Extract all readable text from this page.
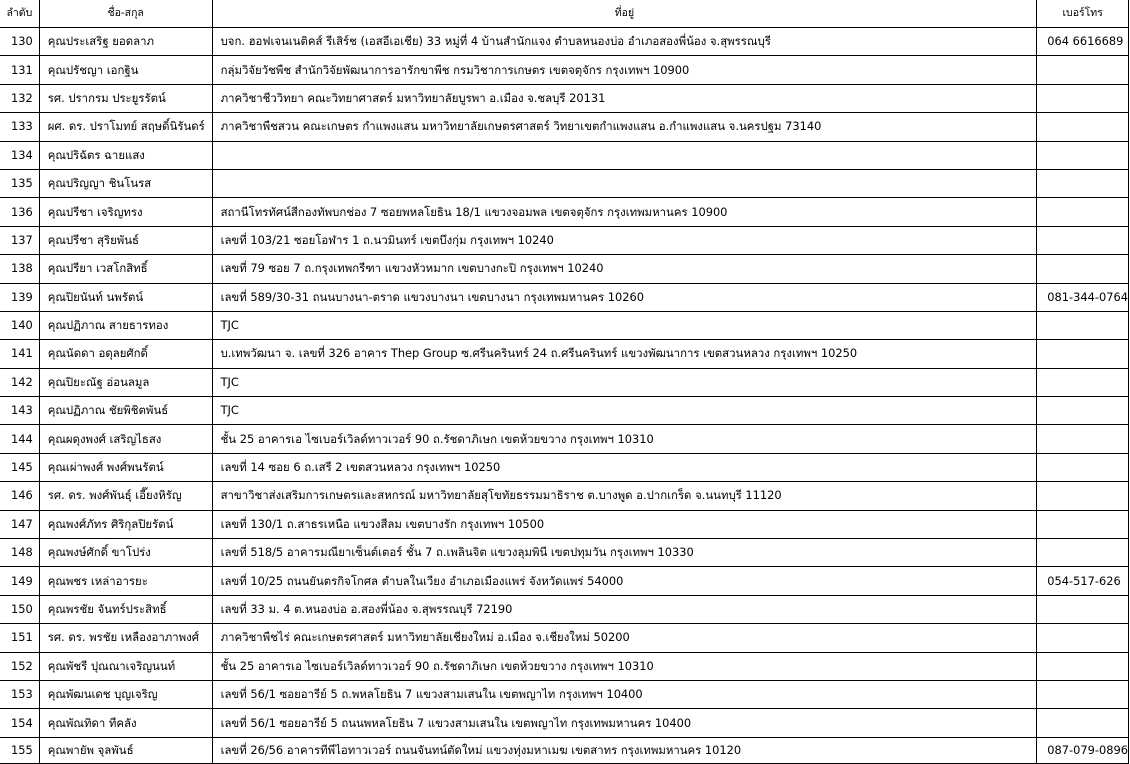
ลำดับ	ชื่อ-สกุล	ที่อยู่	เบอร์โทร
130	คุณประเสริฐ ยอดลาภ	บจก. ฮอฟเจนเนติคส์ รีเสิร์ช (เอสอีเอเชีย) 33 หมู่ที่ 4 บ้านสำนักแจง ตำบลหนองบ่อ อำเภอสองพี่น้อง จ.สุพรรณบุรี	064 6616689
131	คุณปรัชญา เอกฐิน	กลุ่มวิจัยวัชพืช สำนักวิจัยพัฒนาการอารักขาพืช กรมวิชาการเกษตร เขตจตุจักร กรุงเทพฯ 10900	
132	รศ. ปรากรม ประยูรรัตน์	ภาควิชาชีววิทยา คณะวิทยาศาสตร์ มหาวิทยาลัยบูรพา อ.เมือง จ.ชลบุรี 20131	
133	ผศ. ดร. ปราโมทย์ สฤษดิ์นิรันดร์	ภาควิชาพืชสวน คณะเกษตร กำแพงแสน มหาวิทยาลัยเกษตรศาสตร์ วิทยาเขตกำแพงแสน อ.กำแพงแสน จ.นครปฐม 73140	
134	คุณปริฉัตร ฉายแสง		
135	คุณปริญญา ชินโนรส		
136	คุณปรีชา เจริญทรง	สถานีโทรทัศน์สีกองทัพบกช่อง 7 ซอยพหลโยธิน 18/1 แขวงจอมพล เขตจตุจักร กรุงเทพมหานคร 10900	
137	คุณปรีชา สุริยพันธ์	เลขที่ 103/21 ซอยโอฬาร 1 ถ.นวมินทร์ เขตบึงกุ่ม กรุงเทพฯ 10240	
138	คุณปรียา เวสโกสิทธิ์	เลขที่ 79 ซอย 7 ถ.กรุงเทพกรีฑา แขวงหัวหมาก เขตบางกะปิ กรุงเทพฯ 10240	
139	คุณปิยนันท์ นพรัตน์	เลขที่ 589/30-31 ถนนบางนา-ตราด แขวงบางนา เขตบางนา กรุงเทพมหานคร 10260	081-344-0764
140	คุณปฏิภาณ สายธารทอง	TJC	
141	คุณนัดดา อดุลยศักดิ์	บ.เทพวัฒนา จ. เลขที่ 326 อาคาร Thep Group ซ.ศรีนครินทร์ 24 ถ.ศรีนครินทร์ แขวงพัฒนาการ เขตสวนหลวง กรุงเทพฯ 10250	
142	คุณปิยะณัฐ อ่อนลมูล	TJC	
143	คุณปฏิภาณ ชัยพิชิตพันธ์	TJC	
144	คุณผดุงพงศ์ เสริญไธสง	ชั้น 25 อาคารเอ ไซเบอร์เวิลด์ทาวเวอร์ 90 ถ.รัชดาภิเษก เขตห้วยขวาง กรุงเทพฯ 10310	
145	คุณเผ่าพงศ์ พงศ์พนรัตน์	เลขที่ 14 ซอย 6 ถ.เสรี 2 เขตสวนหลวง กรุงเทพฯ 10250	
146	รศ. ดร. พงศ์พันธุ์ เอี๊ยงหิรัญ	สาขาวิชาส่งเสริมการเกษตรและสหกรณ์ มหาวิทยาลัยสุโขทัยธรรมมาธิราช ต.บางพูด อ.ปากเกร็ด จ.นนทบุรี 11120	
147	คุณพงศ์ภัทร ศิริกุลปิยรัตน์	เลขที่ 130/1 ถ.สาธรเหนือ แขวงสีลม เขตบางรัก กรุงเทพฯ 10500	
148	คุณพงษ์ศักดิ์ ขาโปร่ง	เลขที่ 518/5 อาคารมณียาเซ็นต์เตอร์ ชั้น 7 ถ.เพลินจิต แขวงลุมพินี เขตปทุมวัน กรุงเทพฯ 10330	
149	คุณพชร เหล่าอารยะ	เลขที่ 10/25 ถนนยันตรกิจโกศล ตำบลในเวียง อำเภอเมืองแพร่ จังหวัดแพร่ 54000	054-517-626
150	คุณพรชัย จันทร์ประสิทธิ์	เลขที่ 33 ม. 4 ต.หนองบ่อ อ.สองพี่น้อง จ.สุพรรณบุรี 72190	
151	รศ. ดร. พรชัย เหลืองอาภาพงศ์	ภาควิชาพืชไร่ คณะเกษตรศาสตร์ มหาวิทยาลัยเชียงใหม่ อ.เมือง จ.เชียงใหม่ 50200	
152	คุณพัชรี ปุณณาเจริญนนท์	ชั้น 25 อาคารเอ ไซเบอร์เวิลด์ทาวเวอร์ 90 ถ.รัชดาภิเษก เขตห้วยขวาง กรุงเทพฯ 10310	
153	คุณพัฒนเดช บุญเจริญ	เลขที่ 56/1 ซอยอารีย์ 5 ถ.พหลโยธิน 7 แขวงสามเสนใน เขตพญาไท กรุงเทพฯ 10400	
154	คุณพัณทิดา ทีคลัง	เลขที่ 56/1 ซอยอารีย์ 5 ถนนพหลโยธิน 7 แขวงสามเสนใน เขตพญาไท กรุงเทพมหานคร 10400	
155	คุณพายัพ จุลพันธ์	เลขที่ 26/56 อาคารทีพีไอทาวเวอร์ ถนนจันทน์ตัดใหม่ แขวงทุ่งมหาเมฆ เขตสาทร กรุงเทพมหานคร 10120	087-079-0896
